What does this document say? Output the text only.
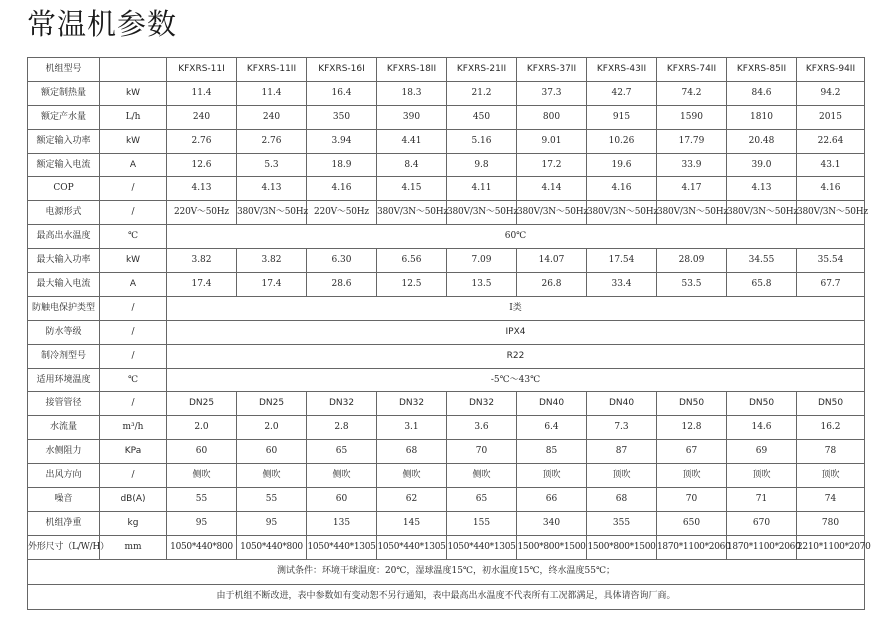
常温机参数
机组型号		KFXRS-11I	KFXRS-11II	KFXRS-16I	KFXRS-18II	KFXRS-21II	KFXRS-37II	KFXRS-43II	KFXRS-74II	KFXRS-85II	KFXRS-94II
额定制热量	kW	11.4	11.4	16.4	18.3	21.2	37.3	42.7	74.2	84.6	94.2
额定产水量	L/h	240	240	350	390	450	800	915	1590	1810	2015
额定输入功率	kW	2.76	2.76	3.94	4.41	5.16	9.01	10.26	17.79	20.48	22.64
额定输入电流	A	12.6	5.3	18.9	8.4	9.8	17.2	19.6	33.9	39.0	43.1
COP	/	4.13	4.13	4.16	4.15	4.11	4.14	4.16	4.17	4.13	4.16
电源形式	/	220V～50Hz	380V/3N～50Hz	220V～50Hz	380V/3N～50Hz	380V/3N～50Hz	380V/3N～50Hz	380V/3N～50Hz	380V/3N～50Hz	380V/3N～50Hz	380V/3N～50Hz
最高出水温度	℃	60℃									
最大输入功率	kW	3.82	3.82	6.30	6.56	7.09	14.07	17.54	28.09	34.55	35.54
最大输入电流	A	17.4	17.4	28.6	12.5	13.5	26.8	33.4	53.5	65.8	67.7
防触电保护类型	/	I类									
防水等级	/	IPX4									
制冷剂型号	/	R22									
适用环境温度	℃	-5℃～43℃									
接管管径	/	DN25	DN25	DN32	DN32	DN32	DN40	DN40	DN50	DN50	DN50
水流量	m³/h	2.0	2.0	2.8	3.1	3.6	6.4	7.3	12.8	14.6	16.2
水侧阻力	KPa	60	60	65	68	70	85	87	67	69	78
出风方向	/	侧吹	侧吹	侧吹	侧吹	侧吹	顶吹	顶吹	顶吹	顶吹	顶吹
噪音	dB(A)	55	55	60	62	65	66	68	70	71	74
机组净重	kg	95	95	135	145	155	340	355	650	670	780
外形尺寸（L/W/H）	mm	1050*440*800	1050*440*800	1050*440*1305	1050*440*1305	1050*440*1305	1500*800*1500	1500*800*1500	1870*1100*2060	1870*1100*2060	2210*1100*2070
测试条件：环境干球温度：20℃，湿球温度15℃，初水温度15℃，终水温度55℃；											
由于机组不断改进，表中参数如有变动恕不另行通知，表中最高出水温度不代表所有工况都满足，具体请咨询厂商。											
